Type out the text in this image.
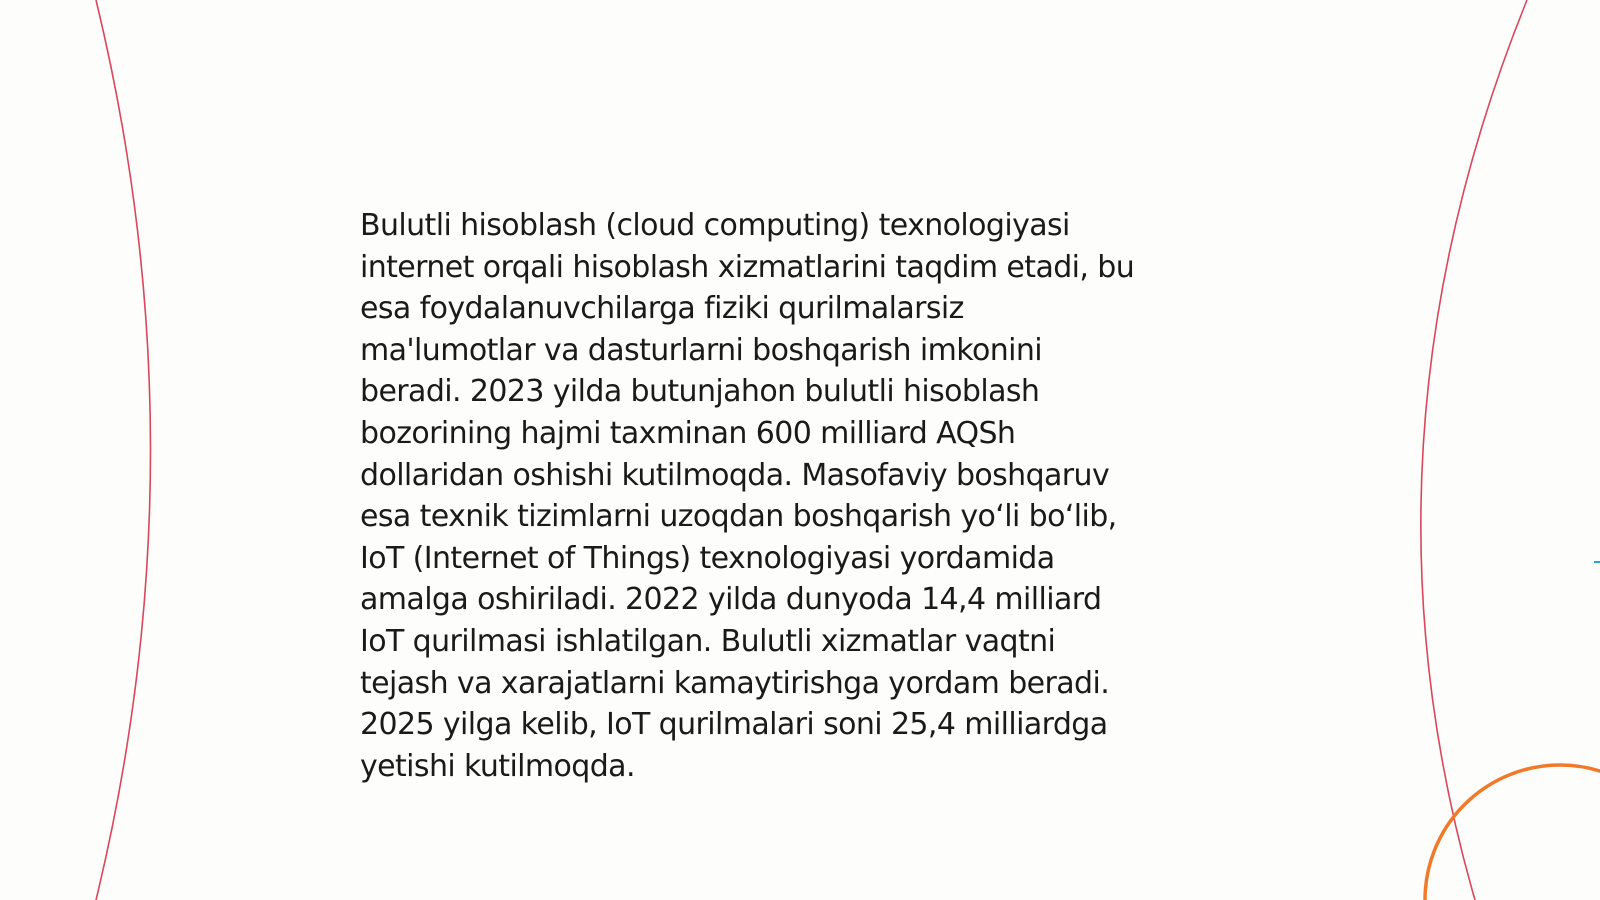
Bulutli hisoblash (cloud computing) texnologiyasi
internet orqali hisoblash xizmatlarini taqdim etadi, bu
esa foydalanuvchilarga fiziki qurilmalarsiz
ma'lumotlar va dasturlarni boshqarish imkonini
beradi. 2023 yilda butunjahon bulutli hisoblash
bozorining hajmi taxminan 600 milliard AQSh
dollaridan oshishi kutilmoqda. Masofaviy boshqaruv
esa texnik tizimlarni uzoqdan boshqarish yo‘li bo‘lib,
IoT (Internet of Things) texnologiyasi yordamida
amalga oshiriladi. 2022 yilda dunyoda 14,4 milliard
IoT qurilmasi ishlatilgan. Bulutli xizmatlar vaqtni
tejash va xarajatlarni kamaytirishga yordam beradi.
2025 yilga kelib, IoT qurilmalari soni 25,4 milliardga
yetishi kutilmoqda.
